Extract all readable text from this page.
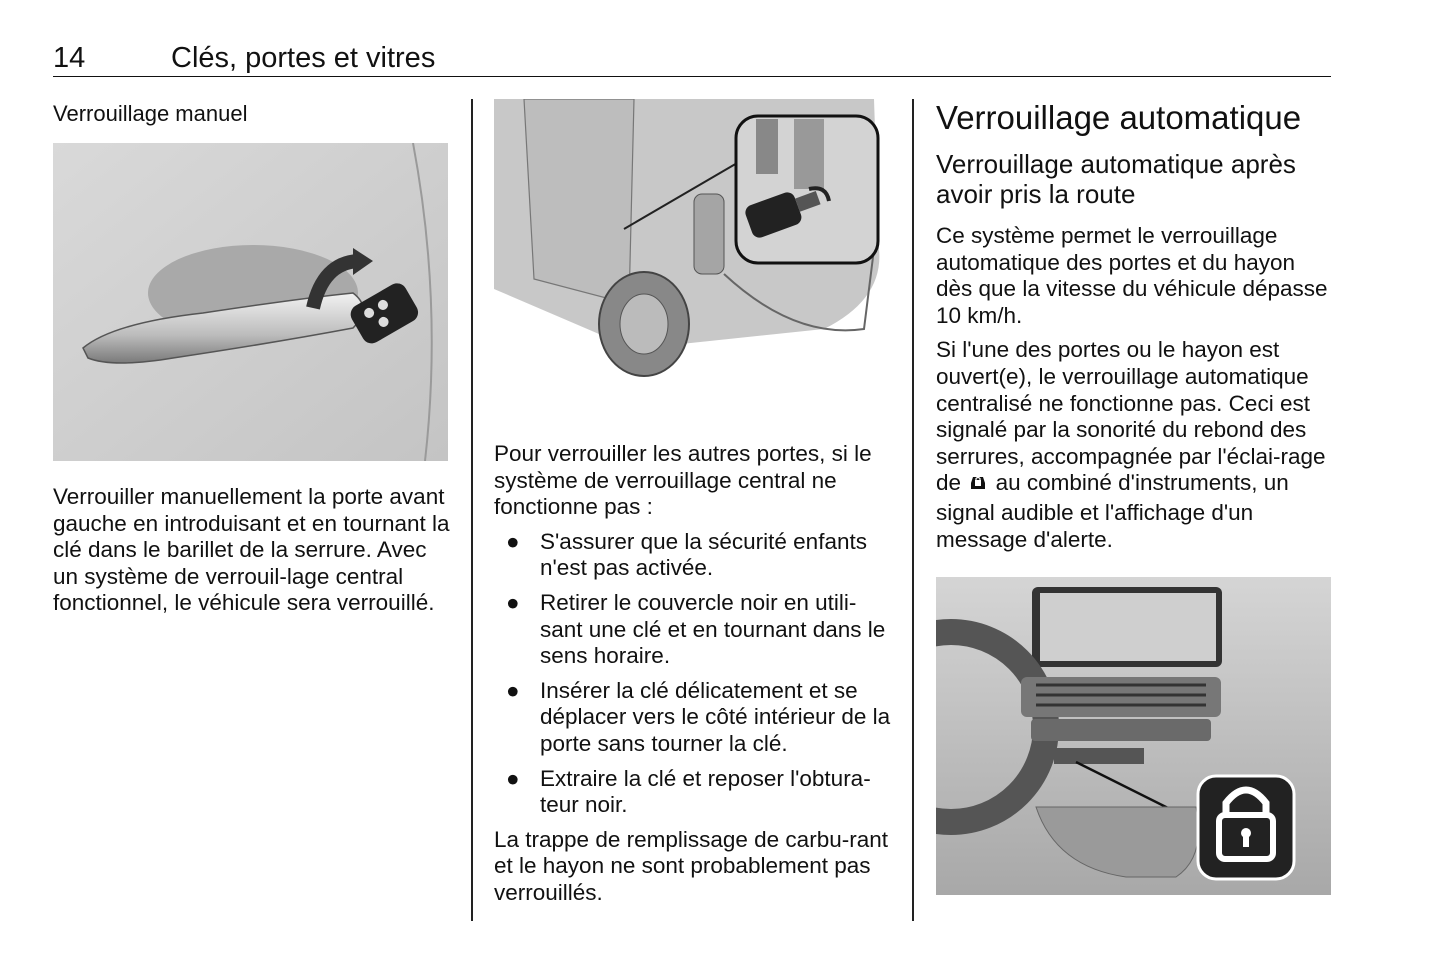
14	Clés, portes et vitres
Verrouillage manuel

Verrouiller manuellement la porte avant gauche en introduisant et en tournant la clé dans le barillet de la serrure. Avec un système de verrouil-lage central fonctionnel, le véhicule sera verrouillé.

Pour verrouiller les autres portes, si le système de verrouillage central ne fonctionne pas :

● S'assurer que la sécurité enfants n'est pas activée.
● Retirer le couvercle noir en utili-sant une clé et en tournant dans le sens horaire.
● Insérer la clé délicatement et se déplacer vers le côté intérieur de la porte sans tourner la clé.
● Extraire la clé et reposer l'obtura-teur noir.

La trappe de remplissage de carbu-rant et le hayon ne sont probablement pas verrouillés.

Verrouillage automatique
Verrouillage automatique après avoir pris la route

Ce système permet le verrouillage automatique des portes et du hayon dès que la vitesse du véhicule dépasse 10 km/h.

Si l'une des portes ou le hayon est ouvert(e), le verrouillage automatique centralisé ne fonctionne pas. Ceci est signalé par la sonorité du rebond des serrures, accompagnée par l'éclai-rage de au combiné d'instruments, un signal audible et l'affichage d'un message d'alerte.
